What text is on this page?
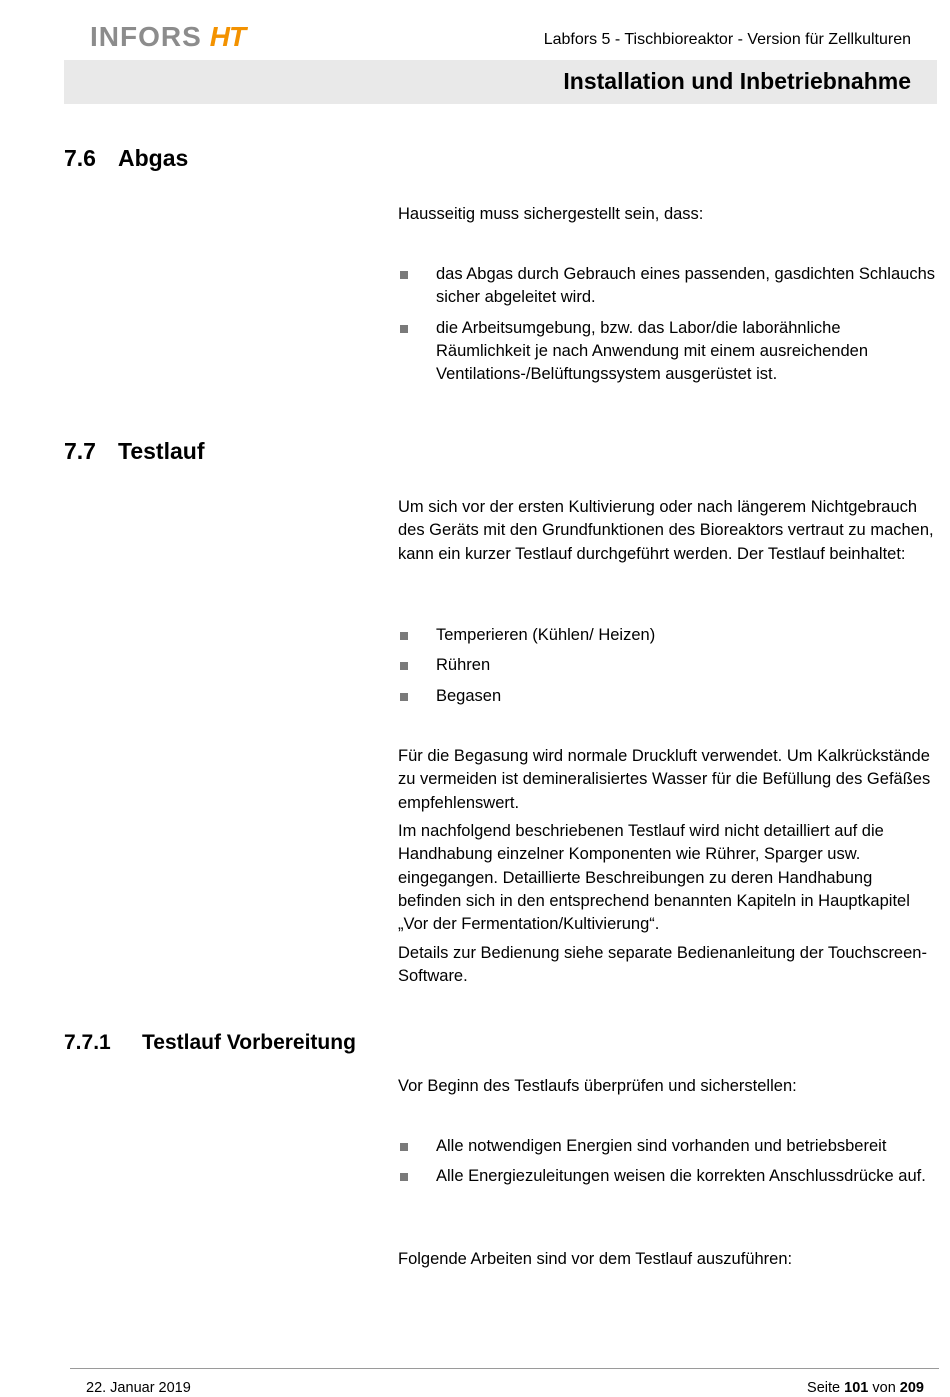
INFORS HT	Labfors 5 - Tischbioreaktor - Version für Zellkulturen
Installation und Inbetriebnahme
7.6 Abgas
Hausseitig muss sichergestellt sein, dass:
das Abgas durch Gebrauch eines passenden, gasdichten Schlauchs sicher abgeleitet wird.
die Arbeitsumgebung, bzw. das Labor/die laborähnliche Räumlichkeit je nach Anwendung mit einem ausreichenden Ventilations-/Belüftungssystem ausgerüstet ist.
7.7 Testlauf
Um sich vor der ersten Kultivierung oder nach längerem Nichtgebrauch des Geräts mit den Grundfunktionen des Bioreaktors vertraut zu machen, kann ein kurzer Testlauf durchgeführt werden. Der Testlauf beinhaltet:
Temperieren (Kühlen/ Heizen)
Rühren
Begasen
Für die Begasung wird normale Druckluft verwendet. Um Kalkrückstände zu vermeiden ist demineralisiertes Wasser für die Befüllung des Gefäßes empfehlenswert.
Im nachfolgend beschriebenen Testlauf wird nicht detailliert auf die Handhabung einzelner Komponenten wie Rührer, Sparger usw. eingegangen. Detaillierte Beschreibungen zu deren Handhabung befinden sich in den entsprechend benannten Kapiteln in Hauptkapitel „Vor der Fermentation/Kultivierung“.
Details zur Bedienung siehe separate Bedienanleitung der Touchscreen-Software.
7.7.1 Testlauf Vorbereitung
Vor Beginn des Testlaufs überprüfen und sicherstellen:
Alle notwendigen Energien sind vorhanden und betriebsbereit
Alle Energiezuleitungen weisen die korrekten Anschlussdrücke auf.
Folgende Arbeiten sind vor dem Testlauf auszuführen:
22. Januar 2019	Seite 101 von 209
